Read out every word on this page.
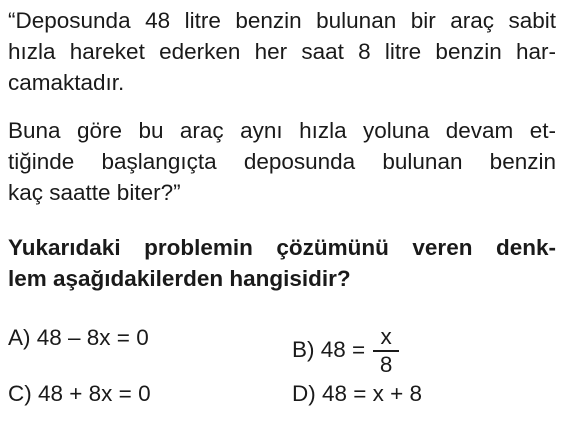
“Deposunda 48 litre benzin bulunan bir araç sabit
hızla hareket ederken her saat 8 litre benzin har-
camaktadır.
Buna göre bu araç aynı hızla yoluna devam et-
tiğinde başlangıçta deposunda bulunan benzin
kaç saatte biter?”
Yukarıdaki problemin çözümünü veren denk-
lem aşağıdakilerden hangisidir?
A) 48 – 8x = 0	B) $48 = \frac{x}{8}$
C) 48 + 8x = 0	D) 48 = x + 8
